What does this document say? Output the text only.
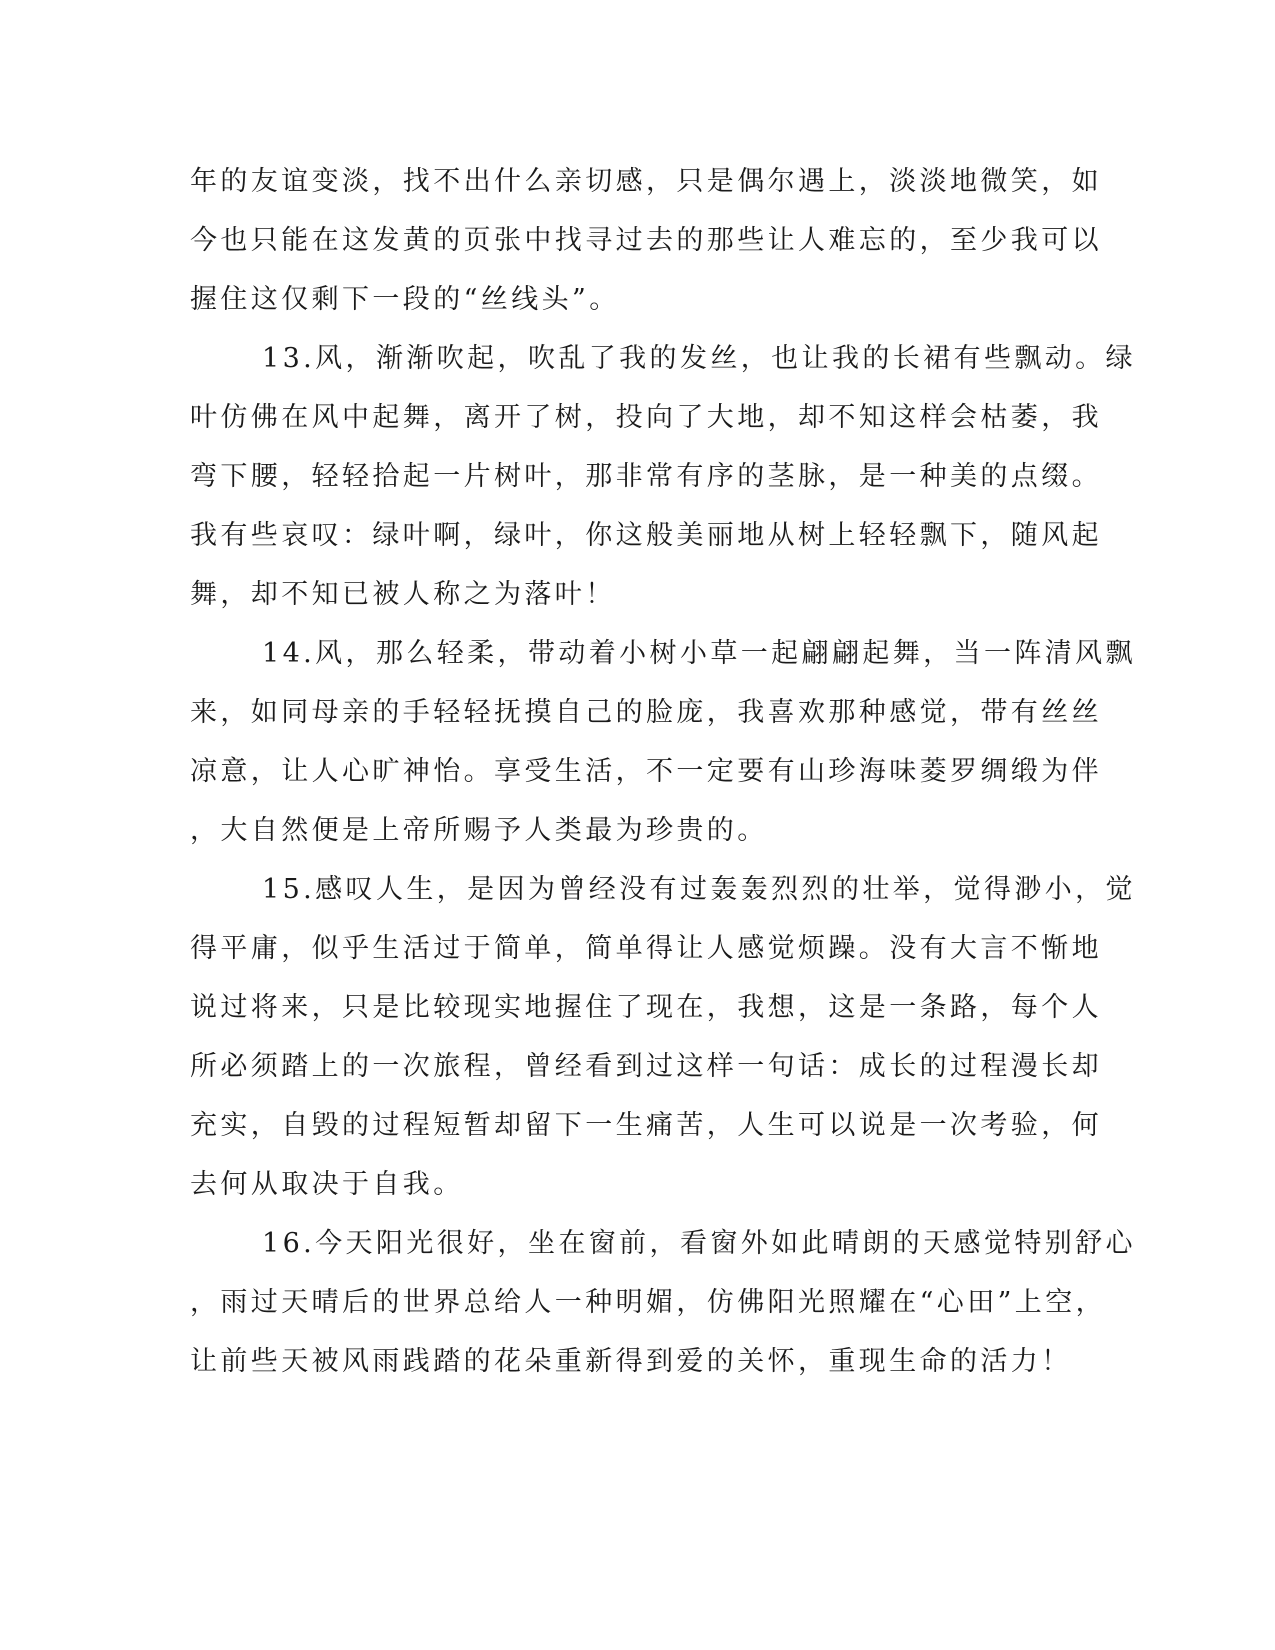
年的友谊变淡，找不出什么亲切感，只是偶尔遇上，淡淡地微笑，如
今也只能在这发黄的页张中找寻过去的那些让人难忘的，至少我可以
握住这仅剩下一段的“丝线头”。
13.风，渐渐吹起，吹乱了我的发丝，也让我的长裙有些飘动。绿
叶仿佛在风中起舞，离开了树，投向了大地，却不知这样会枯萎，我
弯下腰，轻轻拾起一片树叶，那非常有序的茎脉，是一种美的点缀。
我有些哀叹：绿叶啊，绿叶，你这般美丽地从树上轻轻飘下，随风起
舞，却不知已被人称之为落叶！
14.风，那么轻柔，带动着小树小草一起翩翩起舞，当一阵清风飘
来，如同母亲的手轻轻抚摸自己的脸庞，我喜欢那种感觉，带有丝丝
凉意，让人心旷神怡。享受生活，不一定要有山珍海味菱罗绸缎为伴
，大自然便是上帝所赐予人类最为珍贵的。
15.感叹人生，是因为曾经没有过轰轰烈烈的壮举，觉得渺小，觉
得平庸，似乎生活过于简单，简单得让人感觉烦躁。没有大言不惭地
说过将来，只是比较现实地握住了现在，我想，这是一条路，每个人
所必须踏上的一次旅程，曾经看到过这样一句话：成长的过程漫长却
充实，自毁的过程短暂却留下一生痛苦，人生可以说是一次考验，何
去何从取决于自我。
16.今天阳光很好，坐在窗前，看窗外如此晴朗的天感觉特别舒心
，雨过天晴后的世界总给人一种明媚，仿佛阳光照耀在“心田”上空，
让前些天被风雨践踏的花朵重新得到爱的关怀，重现生命的活力！
